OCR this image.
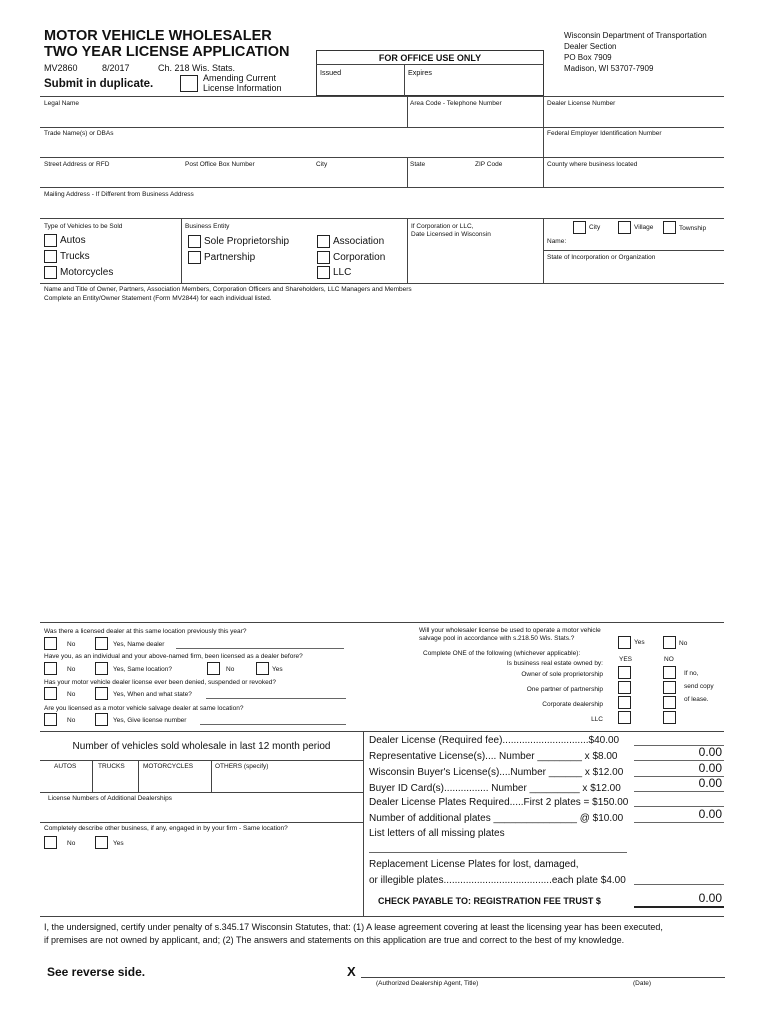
MOTOR VEHICLE WHOLESALER
TWO YEAR LICENSE APPLICATION
MV2860	8/2017	Ch. 218 Wis. Stats.
Submit in duplicate.	Amending Current
License Information
FOR OFFICE USE ONLY
Issued	Expires
Wisconsin Department of Transportation
Dealer Section
PO Box 7909
Madison, WI 53707-7909
Legal Name	Area Code - Telephone Number	Dealer License Number
Trade Name(s) or DBAs	Federal Employer Identification Number
Street Address or RFD	Post Office Box Number	City	State	ZIP Code	County where business located
Mailing Address - If Different from Business Address
Type of Vehicles to be Sold
Autos
Trucks
Motorcycles
Business Entity
Sole Proprietorship
Partnership
Association
Corporation
LLC
If Corporation or LLC,
Date Licensed in Wisconsin
City	Village	Township
Name:
State of Incorporation or Organization
Name and Title of Owner, Partners, Association Members, Corporation Officers and Shareholders, LLC Managers and Members
Complete an Entity/Owner Statement (Form MV2844) for each individual listed.
Was there a licensed dealer at this same location previously this year?
No	Yes, Name dealer
Have you, as an individual and your above-named firm, been licensed as a dealer before?
No	Yes, Same location?	No	Yes
Has your motor vehicle dealer license ever been denied, suspended or revoked?
No	Yes, When and what state?
Are you licensed as a motor vehicle salvage dealer at same location?
No	Yes, Give license number
Will your wholesaler license be used to operate a motor vehicle
salvage pool in accordance with s.218.50 Wis. Stats.?
Yes	No
Complete ONE of the following (whichever applicable):
Is business real estate owned by:
YES	NO
Owner of sole proprietorship
One partner of partnership
Corporate dealership
LLC
If no,
send copy
of lease.
Number of vehicles sold wholesale in last 12 month period
AUTOS	TRUCKS	MOTORCYCLES	OTHERS (specify)
License Numbers of Additional Dealerships
Completely describe other business, if any, engaged in by your firm - Same location?
No	Yes
Dealer License (Required fee)...............................$40.00
Representative License(s).... Number ________ x $8.00	0.00
Wisconsin Buyer's License(s)....Number ______ x $12.00	0.00
Buyer ID Card(s)................ Number _________ x $12.00	0.00
Dealer License Plates Required.....First 2 plates = $150.00
Number of additional plates _______________ @ $10.00	0.00
List letters of all missing plates
Replacement License Plates for lost, damaged,
or illegible plates.......................................each plate $4.00
CHECK PAYABLE TO: REGISTRATION FEE TRUST $	0.00
I, the undersigned, certify under penalty of s.345.17 Wisconsin Statutes, that: (1) A lease agreement covering at least the licensing year has been executed,
if premises are not owned by applicant, and; (2) The answers and statements on this application are true and correct to the best of my knowledge.
See reverse side.	X
(Authorized Dealership Agent, Title)	(Date)
